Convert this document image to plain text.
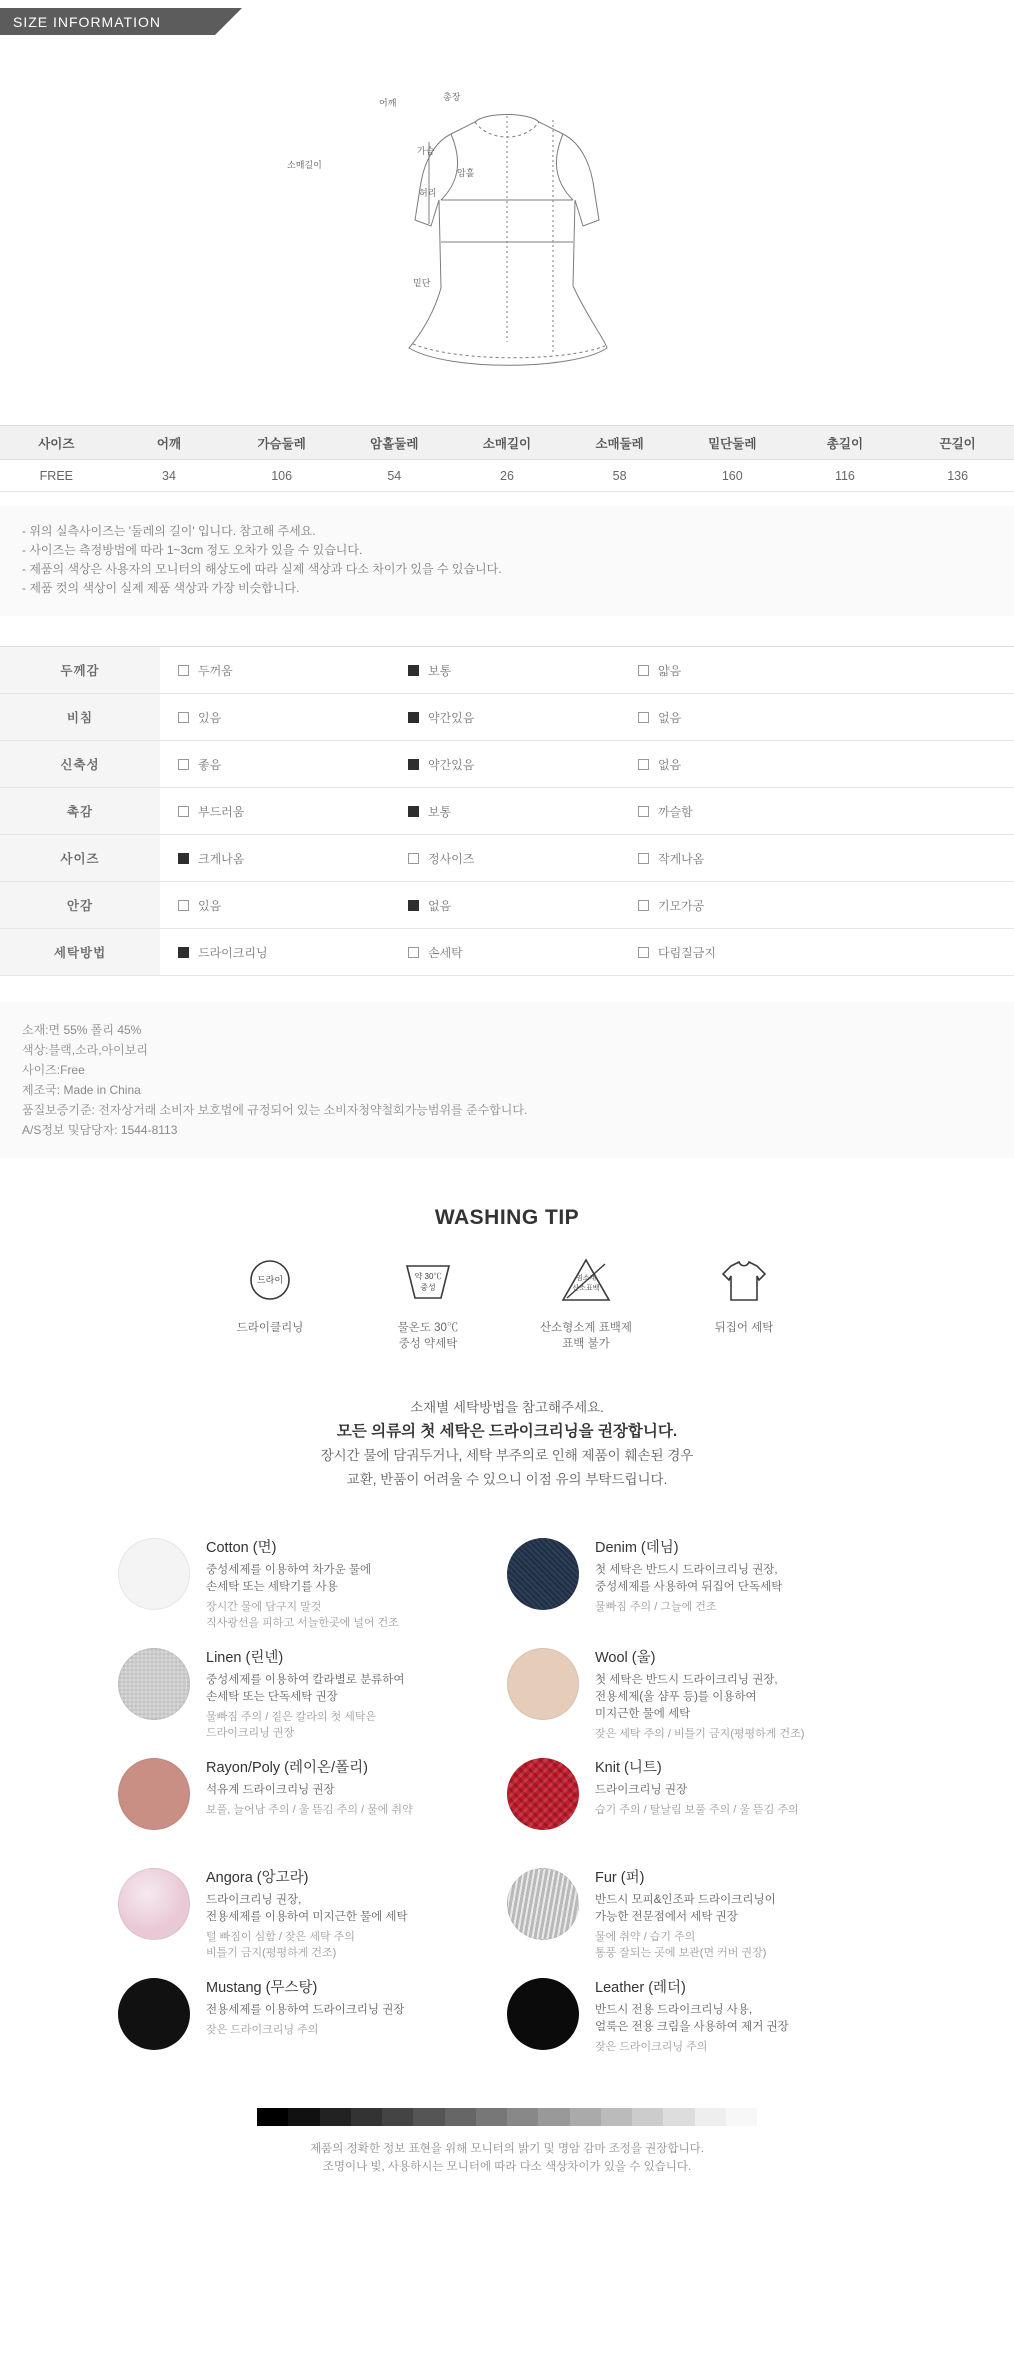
SIZE INFORMATION
어깨
총장
소매길이
암홀
가슴
허리
밑단
사이즈	어깨	가슴둘레	암홀둘레	소매길이	소매둘레	밑단둘레	총길이	끈길이
FREE	34	106	54	26	58	160	116	136
- 위의 실측사이즈는 '둘레의 길이' 입니다. 참고해 주세요.
- 사이즈는 측정방법에 따라 1~3cm 정도 오차가 있을 수 있습니다.
- 제품의 색상은 사용자의 모니터의 해상도에 따라 실제 색상과 다소 차이가 있을 수 있습니다.
- 제품 컷의 색상이 실제 제품 색상과 가장 비슷합니다.
두께감	두꺼움 보통 얇음

비침	있음 약간있음 없음

신축성	좋음 약간있음 없음

촉감	부드러움 보통 까슬함

사이즈	크게나옴 정사이즈 작게나옴

안감	있음 없음 기모가공

세탁방법	드라이크리닝 손세탁 다림질금지
소재:면 55% 폴리 45%
색상:블랙,소라,아이보리
사이즈:Free
제조국: Made in China
품질보증기준: 전자상거래 소비자 보호법에 규정되어 있는 소비자청약철회가능범위를 준수합니다.
A/S정보 및담당자: 1544-8113
WASHING TIP
드라이
드라이클리닝
약 30℃
중성
물온도 30℃
중성 약세탁
염소계
산소표백
산소형소계 표백제
표백 불가
뒤집어 세탁
소재별 세탁방법을 참고해주세요.
모든 의류의 첫 세탁은 드라이크리닝을 권장합니다.
장시간 물에 담궈두거나, 세탁 부주의로 인해 제품이 훼손된 경우
교환, 반품이 어려울 수 있으니 이점 유의 부탁드립니다.
Cotton (면)
중성세제를 이용하여 차가운 물에
손세탁 또는 세탁기를 사용
장시간 물에 담구지 말것
직사광선을 피하고 서늘한곳에 널어 건조
Denim (데님)
첫 세탁은 반드시 드라이크리닝 권장,
중성세제를 사용하여 뒤집어 단독세탁
물빠짐 주의 / 그늘에 건조
Linen (린넨)
중성세제를 이용하여 칼라별로 분류하여
손세탁 또는 단독세탁 권장
물빠짐 주의 / 짙은 칼라의 첫 세탁은
드라이크리닝 권장
Wool (울)
첫 세탁은 반드시 드라이크리닝 권장,
전용세제(울 샴푸 등)를 이용하여
미지근한 물에 세탁
잦은 세탁 주의 / 비틀기 금지(평평하게 건조)
Rayon/Poly (레이온/폴리)
석유계 드라이크리닝 권장
보풀, 늘어남 주의 / 울 뜯김 주의 / 물에 취약
Knit (니트)
드라이크리닝 권장
습기 주의 / 탈날림 보풀 주의 / 울 뜯김 주의
Angora (앙고라)
드라이크리닝 권장,
전용세제를 이용하여 미지근한 물에 세탁
털 빠짐이 심함 / 잦은 세탁 주의
비틀기 금지(평평하게 건조)
Fur (퍼)
반드시 모피&인조파 드라이크리닝이
가능한 전문점에서 세탁 권장
물에 취약 / 습기 주의
통풍 잘되는 곳에 보관(면 커버 권장)
Mustang (무스탕)
전용세제를 이용하여 드라이크리닝 권장
잦은 드라이크리닝 주의
Leather (레더)
반드시 전용 드라이크리닝 사용,
얼룩은 전용 크림을 사용하여 제거 권장
잦은 드라이크리닝 주의
제품의 정확한 정보 표현을 위해 모니터의 밝기 및 명암 감마 조정을 권장합니다.
조명이나 빛, 사용하시는 모니터에 따라 다소 색상차이가 있을 수 있습니다.
